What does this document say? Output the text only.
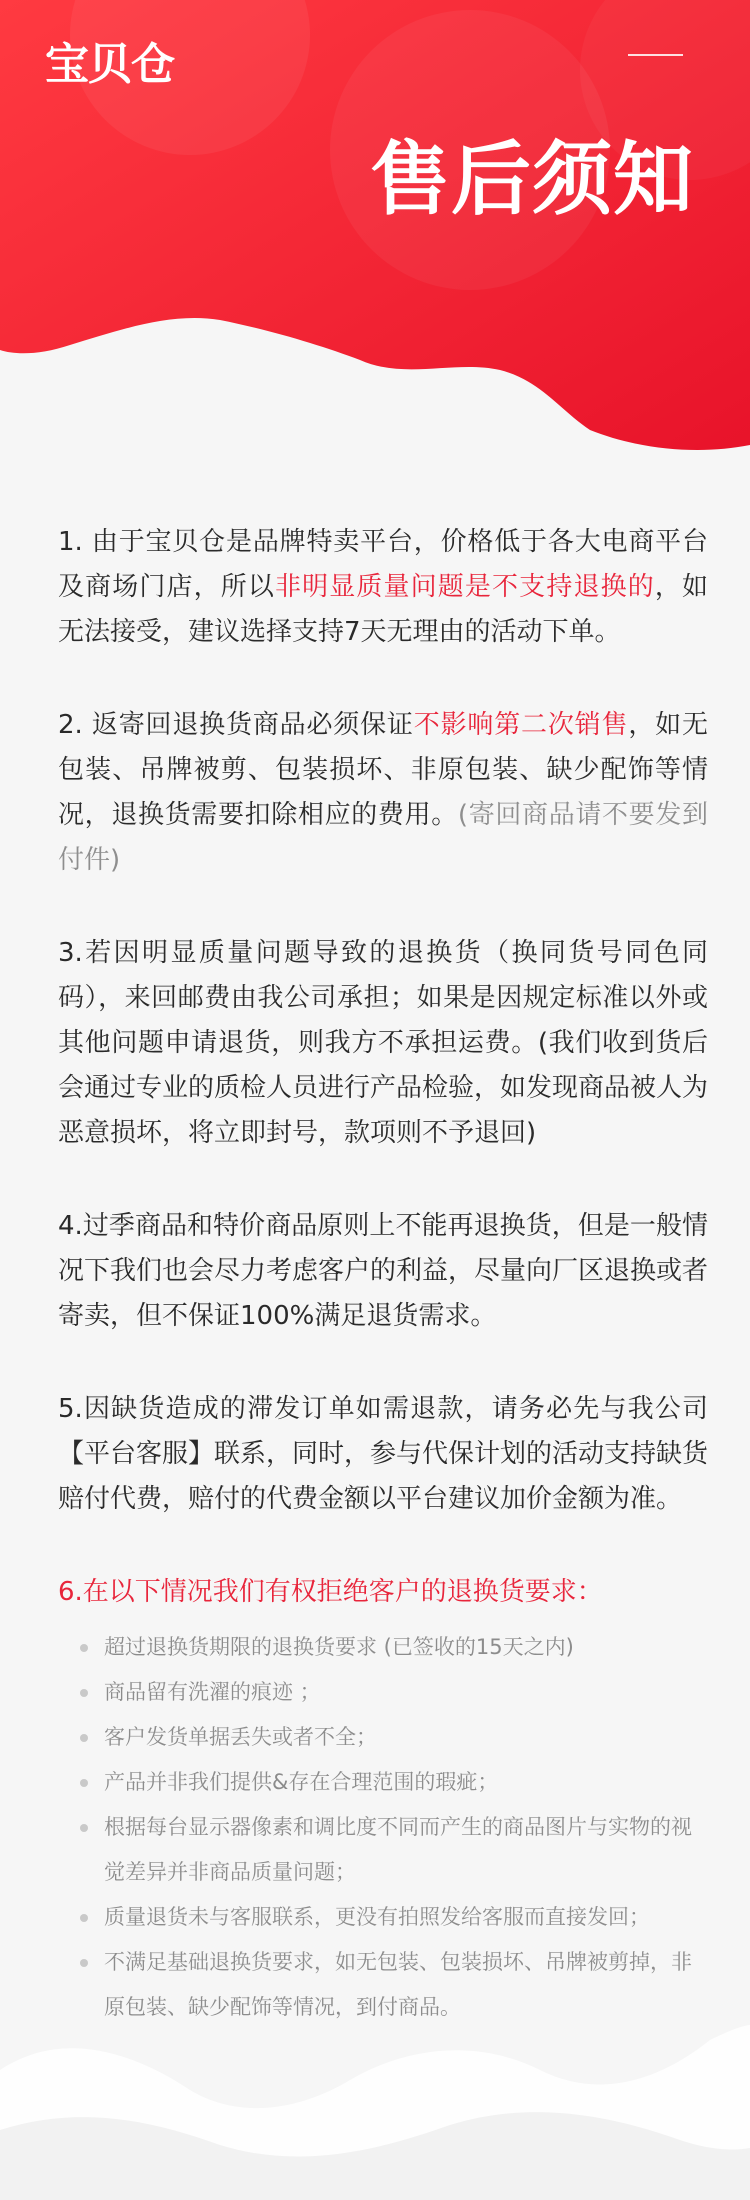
宝贝仓
售后须知

1. 由于宝贝仓是品牌特卖平台，价格低于各大电商平台及商场门店，所以非明显质量问题是不支持退换的，如无法接受，建议选择支持7天无理由的活动下单。

2. 返寄回退换货商品必须保证不影响第二次销售，如无包装、吊牌被剪、包装损坏、非原包装、缺少配饰等情况，退换货需要扣除相应的费用。(寄回商品请不要发到付件)

3.若因明显质量问题导致的退换货（换同货号同色同码），来回邮费由我公司承担；如果是因规定标准以外或其他问题申请退货，则我方不承担运费。(我们收到货后会通过专业的质检人员进行产品检验，如发现商品被人为恶意损坏，将立即封号，款项则不予退回)

4.过季商品和特价商品原则上不能再退换货，但是一般情况下我们也会尽力考虑客户的利益，尽量向厂区退换或者寄卖，但不保证100%满足退货需求。

5.因缺货造成的滞发订单如需退款，请务必先与我公司【平台客服】联系，同时，参与代保计划的活动支持缺货赔付代费，赔付的代费金额以平台建议加价金额为准。

6.在以下情况我们有权拒绝客户的退换货要求：
超过退换货期限的退换货要求 (已签收的15天之内)
商品留有洗濯的痕迹 ；
客户发货单据丢失或者不全；
产品并非我们提供&存在合理范围的瑕疵；
根据每台显示器像素和调比度不同而产生的商品图片与实物的视觉差异并非商品质量问题；
质量退货未与客服联系，更没有拍照发给客服而直接发回；
不满足基础退换货要求，如无包装、包装损坏、吊牌被剪掉，非原包装、缺少配饰等情况，到付商品。
